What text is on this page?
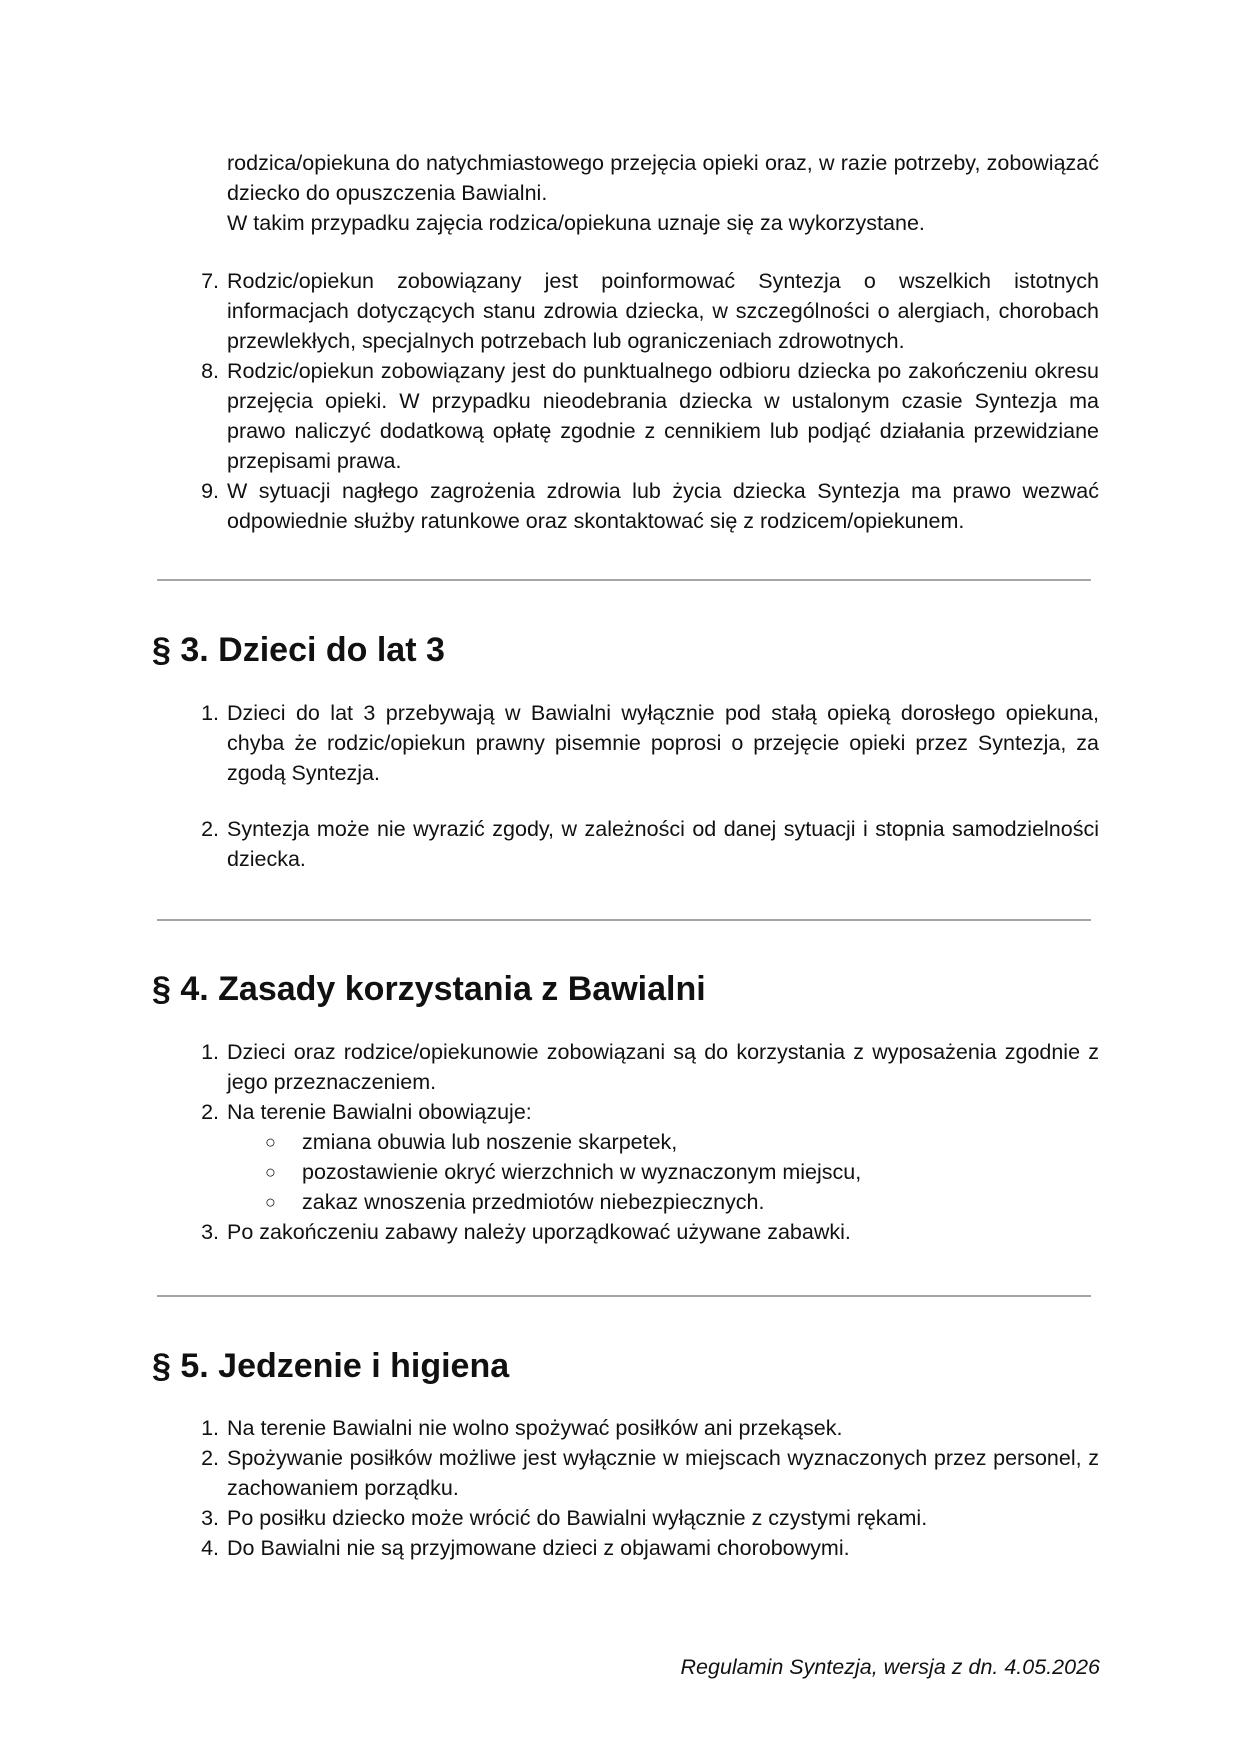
rodzica/opiekuna do natychmiastowego przejęcia opieki oraz, w razie potrzeby, zobowiązać dziecko do opuszczenia Bawialni.

W takim przypadku zajęcia rodzica/opiekuna uznaje się za wykorzystane.

7. Rodzic/opiekun zobowiązany jest poinformować Syntezja o wszelkich istotnych informacjach dotyczących stanu zdrowia dziecka, w szczególności o alergiach, chorobach przewlekłych, specjalnych potrzebach lub ograniczeniach zdrowotnych.
8. Rodzic/opiekun zobowiązany jest do punktualnego odbioru dziecka po zakończeniu okresu przejęcia opieki. W przypadku nieodebrania dziecka w ustalonym czasie Syntezja ma prawo naliczyć dodatkową opłatę zgodnie z cennikiem lub podjąć działania przewidziane przepisami prawa.
9. W sytuacji nagłego zagrożenia zdrowia lub życia dziecka Syntezja ma prawo wezwać odpowiednie służby ratunkowe oraz skontaktować się z rodzicem/opiekunem.
§ 3. Dzieci do lat 3
1. Dzieci do lat 3 przebywają w Bawialni wyłącznie pod stałą opieką dorosłego opiekuna, chyba że rodzic/opiekun prawny pisemnie poprosi o przejęcie opieki przez Syntezja, za zgodą Syntezja.
2. Syntezja może nie wyrazić zgody, w zależności od danej sytuacji i stopnia samodzielności dziecka.
§ 4. Zasady korzystania z Bawialni
1. Dzieci oraz rodzice/opiekunowie zobowiązani są do korzystania z wyposażenia zgodnie z jego przeznaczeniem.
2. Na terenie Bawialni obowiązuje:
○ zmiana obuwia lub noszenie skarpetek,
○ pozostawienie okryć wierzchnich w wyznaczonym miejscu,
○ zakaz wnoszenia przedmiotów niebezpiecznych.
3. Po zakończeniu zabawy należy uporządkować używane zabawki.
§ 5. Jedzenie i higiena
1. Na terenie Bawialni nie wolno spożywać posiłków ani przekąsek.
2. Spożywanie posiłków możliwe jest wyłącznie w miejscach wyznaczonych przez personel, z zachowaniem porządku.
3. Po posiłku dziecko może wrócić do Bawialni wyłącznie z czystymi rękami.
4. Do Bawialni nie są przyjmowane dzieci z objawami chorobowymi.
Regulamin Syntezja, wersja z dn. 4.05.2026
